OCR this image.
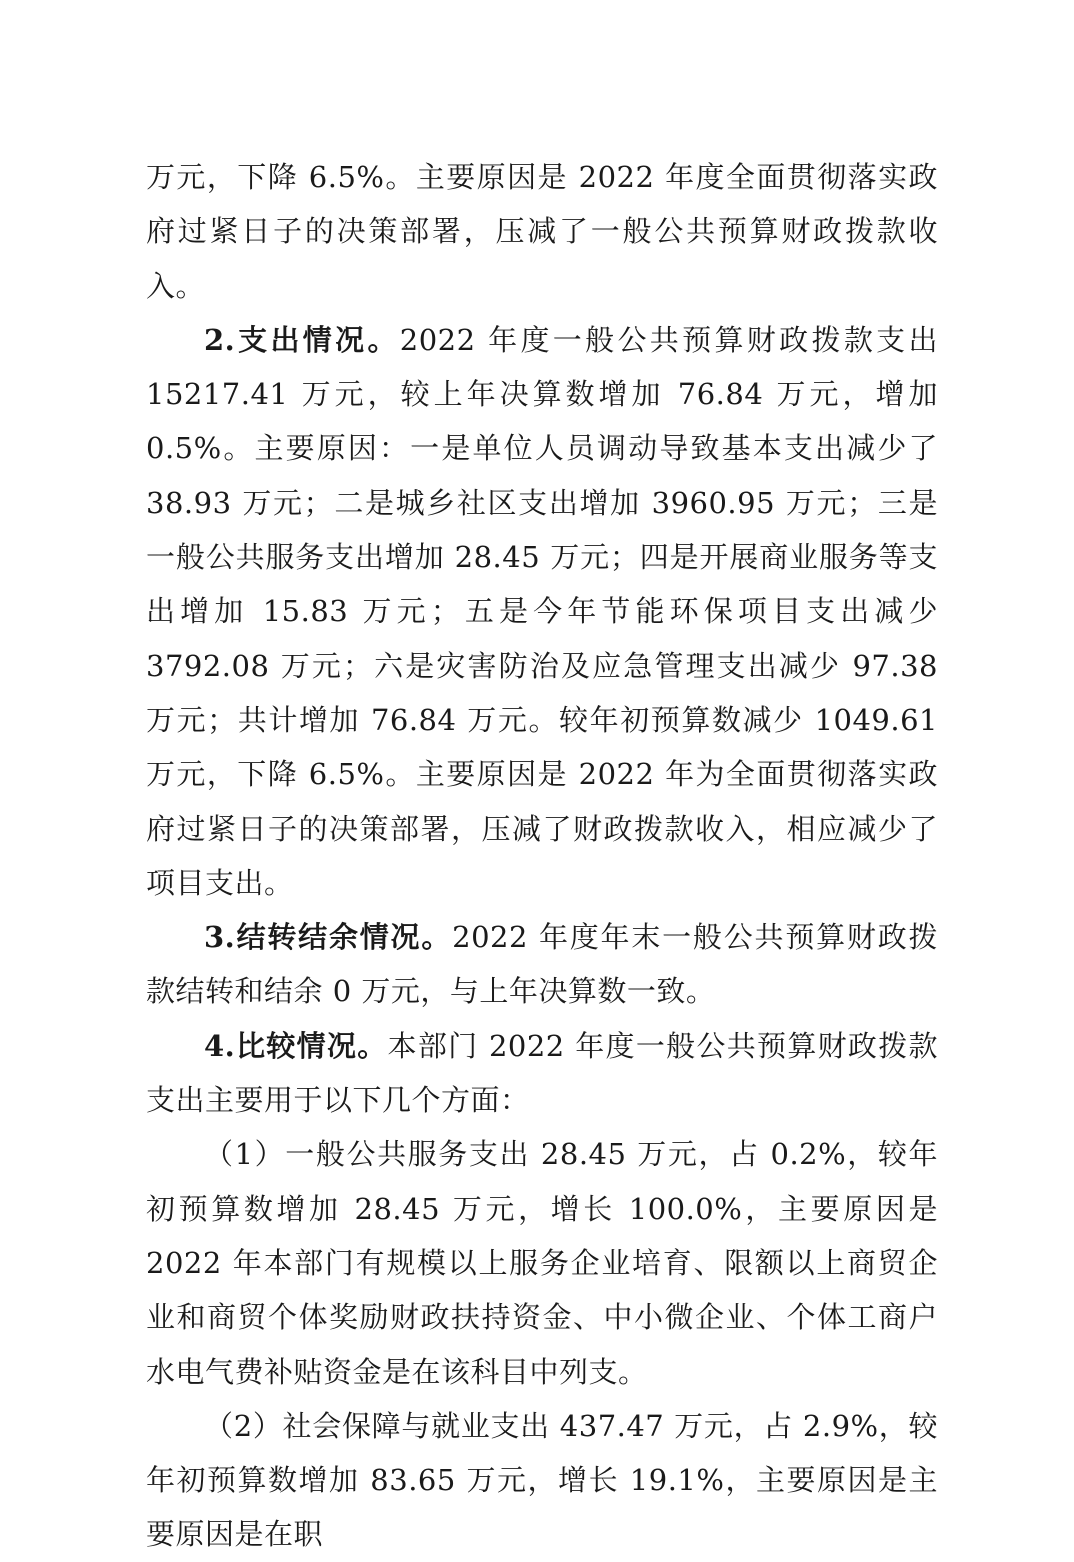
万元，下降 6.5%。主要原因是 2022 年度全面贯彻落实政府过紧日子的决策部署，压减了一般公共预算财政拨款收入。

2.支出情况。2022 年度一般公共预算财政拨款支出 15217.41 万元，较上年决算数增加 76.84 万元，增加 0.5%。主要原因：一是单位人员调动导致基本支出减少了 38.93 万元；二是城乡社区支出增加 3960.95 万元；三是一般公共服务支出增加 28.45 万元；四是开展商业服务等支出增加 15.83 万元；五是今年节能环保项目支出减少 3792.08 万元；六是灾害防治及应急管理支出减少 97.38 万元；共计增加 76.84 万元。较年初预算数减少 1049.61 万元，下降 6.5%。主要原因是 2022 年为全面贯彻落实政府过紧日子的决策部署，压减了财政拨款收入，相应减少了项目支出。

3.结转结余情况。2022 年度年末一般公共预算财政拨款结转和结余 0 万元，与上年决算数一致。

4.比较情况。本部门 2022 年度一般公共预算财政拨款支出主要用于以下几个方面：

（1）一般公共服务支出 28.45 万元，占 0.2%，较年初预算数增加 28.45 万元，增长 100.0%，主要原因是 2022 年本部门有规模以上服务企业培育、限额以上商贸企业和商贸个体奖励财政扶持资金、中小微企业、个体工商户水电气费补贴资金是在该科目中列支。

（2）社会保障与就业支出 437.47 万元，占 2.9%，较年初预算数增加 83.65 万元，增长 19.1%，主要原因是主要原因是在职
